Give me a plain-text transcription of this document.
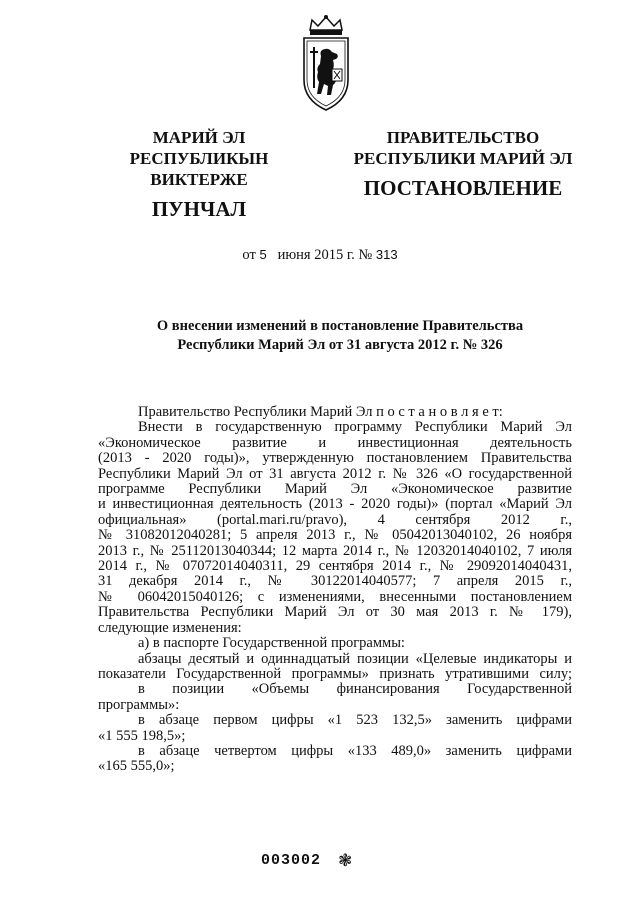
МАРИЙ ЭЛ РЕСПУБЛИКЫН
ВИКТЕРЖЕ
ПУНЧАЛ
ПРАВИТЕЛЬСТВО
РЕСПУБЛИКИ МАРИЙ ЭЛ
ПОСТАНОВЛЕНИЕ
от 5 июня 2015 г. № 313
О внесении изменений в постановление Правительства
Республики Марий Эл от 31 августа 2012 г. № 326

Правительство Республики Марий Эл п о с т а н о в л я е т:

Внести в государственную программу Республики Марий Эл

«Экономическое развитие и инвестиционная деятельность

(2013 - 2020 годы)», утвержденную постановлением Правительства

Республики Марий Эл от 31 августа 2012 г. № 326 «О государственной

программе Республики Марий Эл «Экономическое развитие

и инвестиционная деятельность (2013 - 2020 годы)» (портал «Марий Эл

официальная» (portal.mari.ru/pravo), 4 сентября 2012 г.,

№ 31082012040281; 5 апреля 2013 г., № 05042013040102, 26 ноября

2013 г., № 25112013040344; 12 марта 2014 г., № 12032014040102, 7 июля

2014 г., № 07072014040311, 29 сентября 2014 г., № 29092014040431,

31 декабря 2014 г., № 30122014040577; 7 апреля 2015 г.,

№ 06042015040126; с изменениями, внесенными постановлением

Правительства Республики Марий Эл от 30 мая 2013 г. № 179),

следующие изменения:

а) в паспорте Государственной программы:

абзацы десятый и одиннадцатый позиции «Целевые индикаторы и

показатели Государственной программы» признать утратившими силу;

в позиции «Объемы финансирования Государственной

программы»:

в абзаце первом цифры «1 523 132,5» заменить цифрами

«1 555 198,5»;

в абзаце четвертом цифры «133 489,0» заменить цифрами

«165 555,0»;

003002 ❃
